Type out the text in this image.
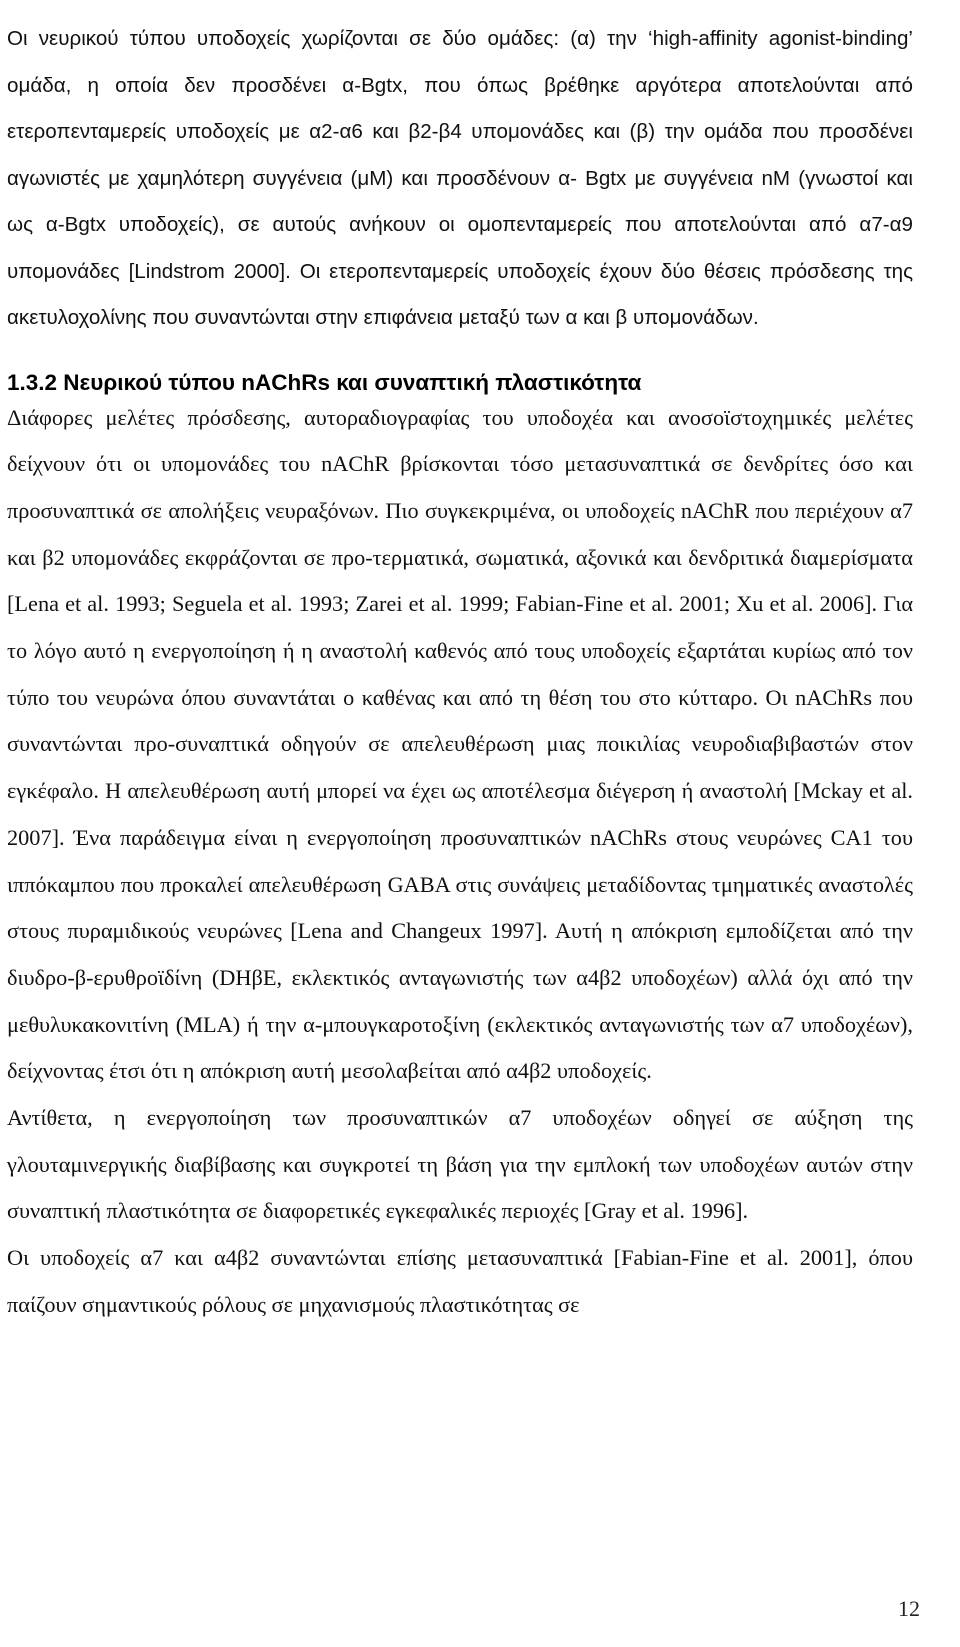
Οι νευρικού τύπου υποδοχείς χωρίζονται σε δύο ομάδες: (α) την ‘high-affinity agonist-binding’ ομάδα, η οποία δεν προσδένει α-Bgtx, που όπως βρέθηκε αργότερα αποτελούνται από ετεροπενταμερείς υποδοχείς με α2-α6 και β2-β4 υπομονάδες και (β) την ομάδα που προσδένει αγωνιστές με χαμηλότερη συγγένεια (μM) και προσδένουν α- Bgtx με συγγένεια nM (γνωστοί και ως α-Bgtx υποδοχείς), σε αυτούς ανήκουν οι ομοπενταμερείς που αποτελούνται από α7-α9 υπομονάδες [Lindstrom 2000]. Οι ετεροπενταμερείς υποδοχείς έχουν δύο θέσεις πρόσδεσης της ακετυλοχολίνης που συναντώνται στην επιφάνεια μεταξύ των α και β υπομονάδων.

1.3.2 Νευρικού τύπου nAChRs και συναπτική πλαστικότητα

Διάφορες μελέτες πρόσδεσης, αυτοραδιογραφίας του υποδοχέα και ανοσοϊστοχημικές μελέτες δείχνουν ότι οι υπομονάδες του nAChR βρίσκονται τόσο μετασυναπτικά σε δενδρίτες όσο και προσυναπτικά σε απολήξεις νευραξόνων. Πιο συγκεκριμένα, οι υποδοχείς nAChR που περιέχουν α7 και β2 υπομονάδες εκφράζονται σε προ-τερματικά, σωματικά, αξονικά και δενδριτικά διαμερίσματα [Lena et al. 1993; Seguela et al. 1993; Zarei et al. 1999; Fabian-Fine et al. 2001; Xu et al. 2006]. Για το λόγο αυτό η ενεργοποίηση ή η αναστολή καθενός από τους υποδοχείς εξαρτάται κυρίως από τον τύπο του νευρώνα όπου συναντάται ο καθένας και από τη θέση του στο κύτταρο. Οι nAChRs που συναντώνται προ-συναπτικά οδηγούν σε απελευθέρωση μιας ποικιλίας νευροδιαβιβαστών στον εγκέφαλο. Η απελευθέρωση αυτή μπορεί να έχει ως αποτέλεσμα διέγερση ή αναστολή [Mckay et al. 2007]. Ένα παράδειγμα είναι η ενεργοποίηση προσυναπτικών nAChRs στους νευρώνες CA1 του ιππόκαμπου που προκαλεί απελευθέρωση GABA στις συνάψεις μεταδίδοντας τμηματικές αναστολές στους πυραμιδικούς νευρώνες [Lena and Changeux 1997]. Αυτή η απόκριση εμποδίζεται από την διυδρο-β-ερυθροϊδίνη (DHβE, εκλεκτικός ανταγωνιστής των α4β2 υποδοχέων) αλλά όχι από την μεθυλυκακονιτίνη (MLA) ή την α-μπουγκαροτοξίνη (εκλεκτικός ανταγωνιστής των α7 υποδοχέων), δείχνοντας έτσι ότι η απόκριση αυτή μεσολαβείται από α4β2 υποδοχείς.

Αντίθετα, η ενεργοποίηση των προσυναπτικών α7 υποδοχέων οδηγεί σε αύξηση της γλουταμινεργικής διαβίβασης και συγκροτεί τη βάση για την εμπλοκή των υποδοχέων αυτών στην συναπτική πλαστικότητα σε διαφορετικές εγκεφαλικές περιοχές [Gray et al. 1996].

Οι υποδοχείς α7 και α4β2 συναντώνται επίσης μετασυναπτικά [Fabian-Fine et al. 2001], όπου παίζουν σημαντικούς ρόλους σε μηχανισμούς πλαστικότητας σε

12
